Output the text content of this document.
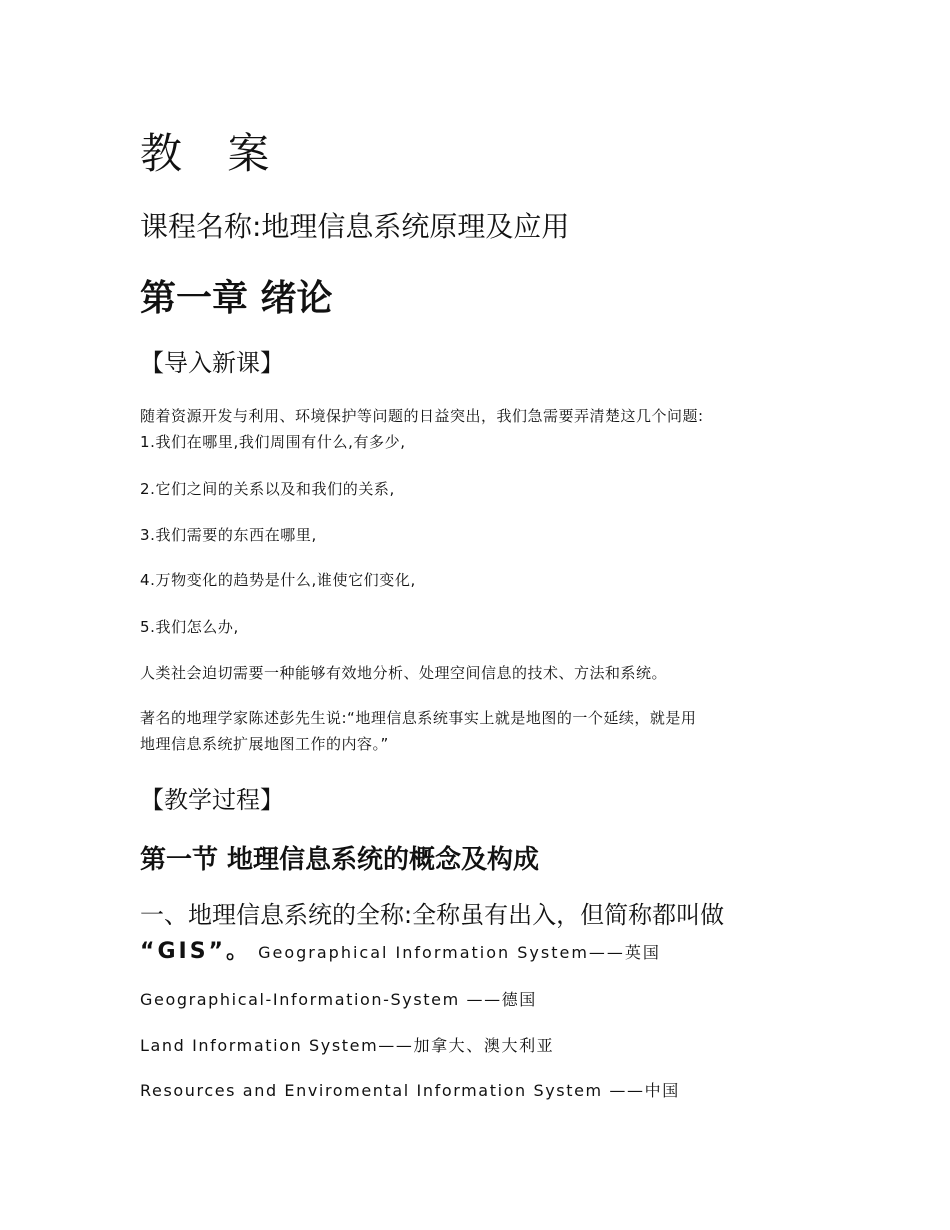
教 案
课程名称:地理信息系统原理及应用
第一章 绪论
【导入新课】

随着资源开发与利用、环境保护等问题的日益突出，我们急需要弄清楚这几个问题:

1.我们在哪里,我们周围有什么,有多少,
2.它们之间的关系以及和我们的关系,
3.我们需要的东西在哪里,
4.万物变化的趋势是什么,谁使它们变化,
5.我们怎么办,

人类社会迫切需要一种能够有效地分析、处理空间信息的技术、方法和系统。

著名的地理学家陈述彭先生说:“地理信息系统事实上就是地图的一个延续，就是用
地理信息系统扩展地图工作的内容。”
【教学过程】
第一节 地理信息系统的概念及构成
一、地理信息系统的全称:全称虽有出入，但简称都叫做
“GIS”。 Geographical Information System——英国
Geographical-Information-System ——德国
Land Information System——加拿大、澳大利亚
Resources and Enviromental Information System ——中国
